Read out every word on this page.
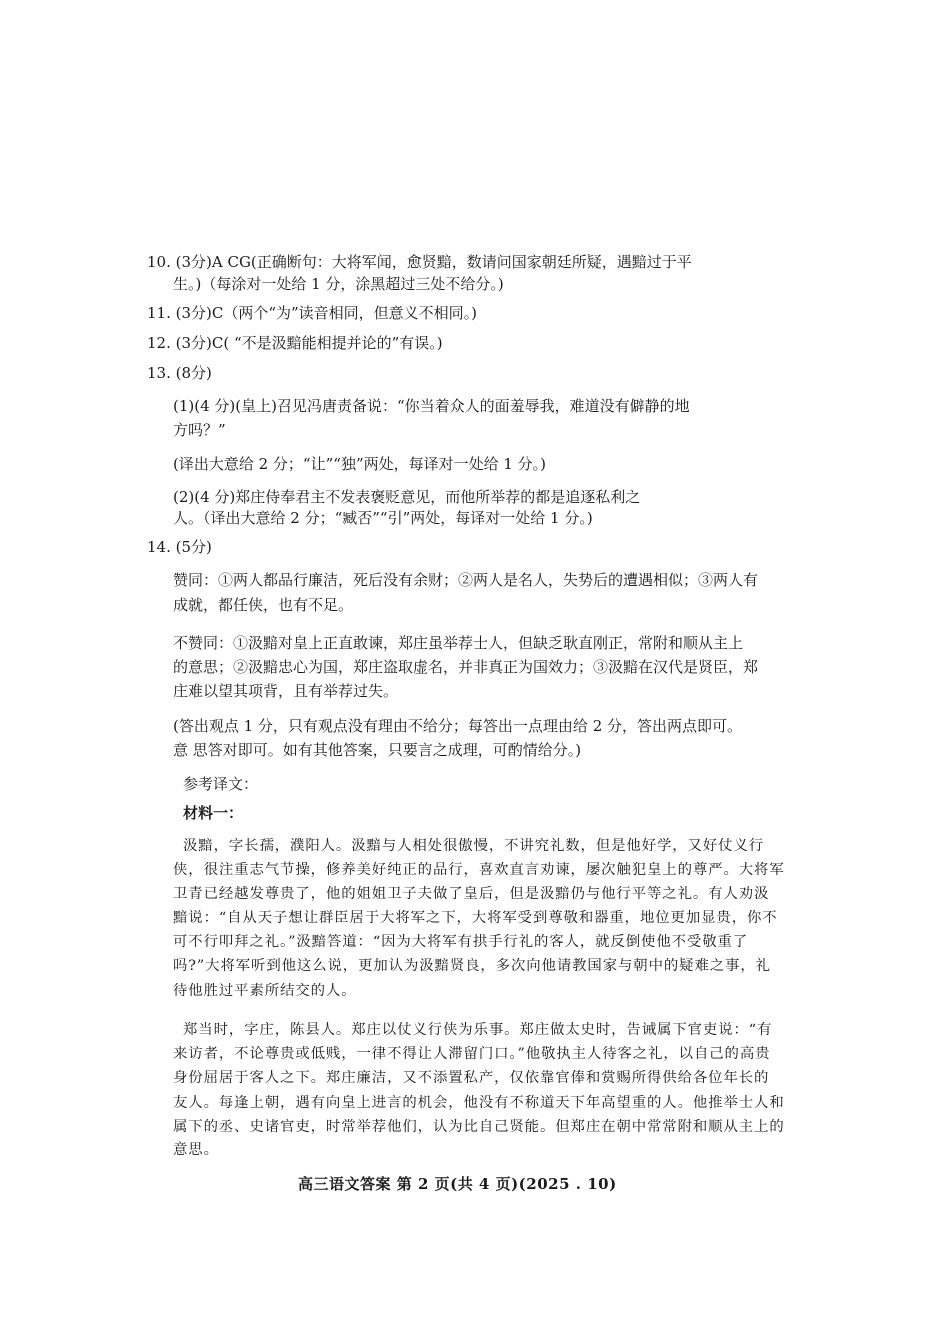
10. (3分)A CG(正确断句：大将军闻，愈贤黯，数请问国家朝廷所疑，遇黯过于平
生。)（每涂对一处给 1 分，涂黑超过三处不给分。)
11. (3分)C（两个“为”读音相同，但意义不相同。)
12. (3分)C( “不是汲黯能相提并论的”有误。)
13. (8分)
(1)(4 分)(皇上)召见冯唐责备说：“你当着众人的面羞辱我，难道没有僻静的地
方吗？”
(译出大意给 2 分；“让”“独”两处，每译对一处给 1 分。)
(2)(4 分)郑庄侍奉君主不发表褒贬意见，而他所举荐的都是追逐私利之
人。（译出大意给 2 分；“臧否”“引”两处，每译对一处给 1 分。)
14. (5分)
赞同：①两人都品行廉洁，死后没有余财；②两人是名人，失势后的遭遇相似；③两人有
成就，都任侠，也有不足。
不赞同：①汲黯对皇上正直敢谏，郑庄虽举荐士人，但缺乏耿直刚正，常附和顺从主上
的意思；②汲黯忠心为国，郑庄盗取虚名，并非真正为国效力；③汲黯在汉代是贤臣，郑
庄难以望其项背，且有举荐过失。
(答出观点 1 分，只有观点没有理由不给分；每答出一点理由给 2 分，答出两点即可。
意 思答对即可。如有其他答案，只要言之成理，可酌情给分。)
参考译文：
材料一：
汲黯，字长孺，濮阳人。汲黯与人相处很傲慢，不讲究礼数，但是他好学，又好仗义行
侠，很注重志气节操，修养美好纯正的品行，喜欢直言劝谏，屡次触犯皇上的尊严。大将军
卫青已经越发尊贵了，他的姐姐卫子夫做了皇后，但是汲黯仍与他行平等之礼。有人劝汲
黯说：“自从天子想让群臣居于大将军之下，大将军受到尊敬和器重，地位更加显贵，你不
可不行叩拜之礼。”汲黯答道：“因为大将军有拱手行礼的客人，就反倒使他不受敬重了
吗?”大将军听到他这么说，更加认为汲黯贤良，多次向他请教国家与朝中的疑难之事，礼
待他胜过平素所结交的人。
郑当时，字庄，陈县人。郑庄以仗义行侠为乐事。郑庄做太史时，告诫属下官吏说：“有
来访者，不论尊贵或低贱，一律不得让人滞留门口。”他敬执主人待客之礼，以自己的高贵
身份屈居于客人之下。郑庄廉洁，又不添置私产，仅依靠官俸和赏赐所得供给各位年长的
友人。每逢上朝，遇有向皇上进言的机会，他没有不称道天下年高望重的人。他推举士人和
属下的丞、史诸官吏，时常举荐他们，认为比自己贤能。但郑庄在朝中常常附和顺从主上的
意思。
高三语文答案 第 2 页(共 4 页)(2025 . 10)
